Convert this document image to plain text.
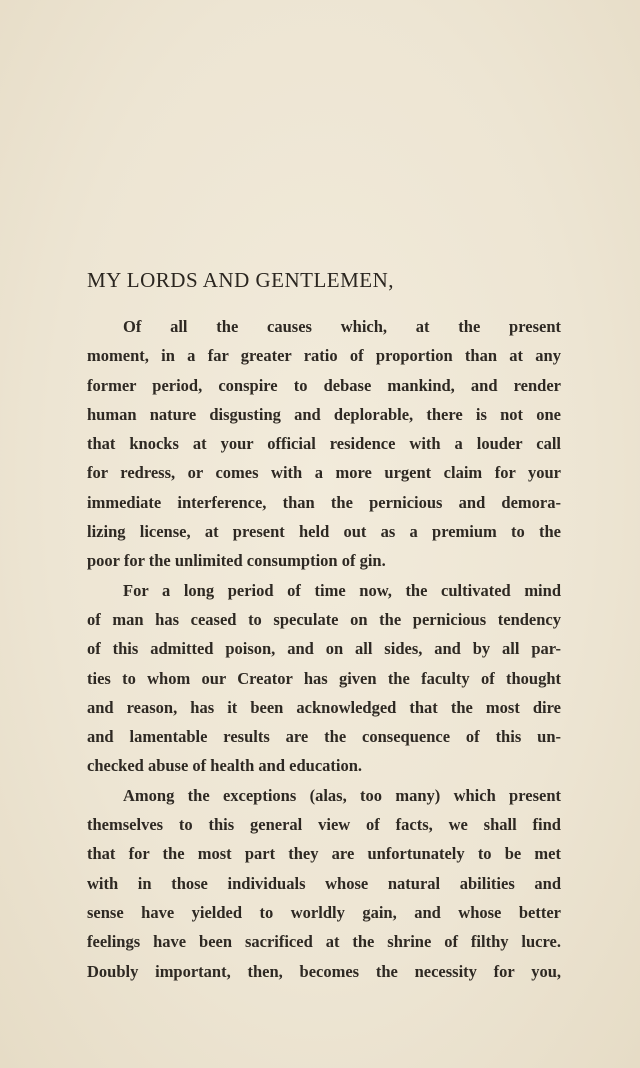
MY LORDS AND GENTLEMEN,
Of all the causes which, at the present
moment, in a far greater ratio of proportion than at any
former period, conspire to debase mankind, and render
human nature disgusting and deplorable, there is not one
that knocks at your official residence with a louder call
for redress, or comes with a more urgent claim for your
immediate interference, than the pernicious and demora-
lizing license, at present held out as a premium to the
poor for the unlimited consumption of gin.
For a long period of time now, the cultivated mind
of man has ceased to speculate on the pernicious tendency
of this admitted poison, and on all sides, and by all par-
ties to whom our Creator has given the faculty of thought
and reason, has it been acknowledged that the most dire
and lamentable results are the consequence of this un-
checked abuse of health and education.
Among the exceptions (alas, too many) which present
themselves to this general view of facts, we shall find
that for the most part they are unfortunately to be met
with in those individuals whose natural abilities and
sense have yielded to worldly gain, and whose better
feelings have been sacrificed at the shrine of filthy lucre.
Doubly important, then, becomes the necessity for you,
